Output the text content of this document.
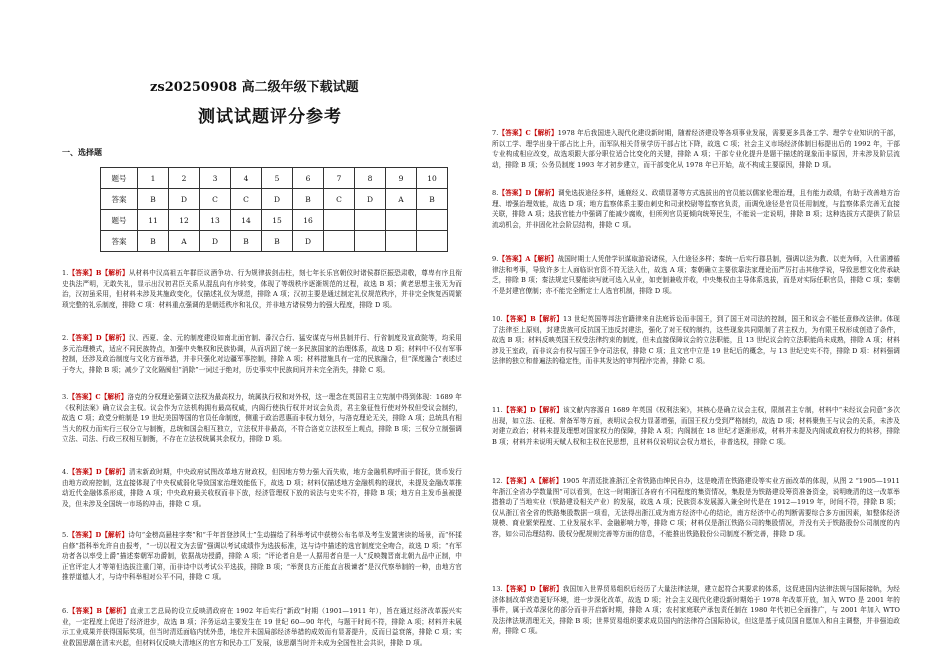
zs20250908 高二级年级下载试题
测试试题评分参考
一、选择题
题号	1	2	3	4	5	6	7	8	9	10
答案	B	D	C	C	D	B	C	D	A	B
题号	11	12	13	14	15	16				
答案	B	A	D	B	B	D				
1.【答案】B【解析】从材料中汉高祖五年群臣议酒争功、行为规律拔剑击柱，刻七年长乐宫朝仪时诸侯群臣振恐肃敬，尊卑有序且衔史执法严明，无敢失礼，显示出汉初君臣关系从混乱向有序转变，体现了等级秩序逐渐规范的过程，故选 B 项；黄老思想主张无为而治，汉初虽采用，但材料未涉及其施政变化，仅描述礼仪为规范，排除 A 项；汉初主要是通过制定礼仪规范秩序，并非完全恢复西周繁琐完整的礼乐制度，排除 C 项：材料重点强调的是朝廷秩序和礼仪，并非地方诸侯势力的强大程度，排除 D 项。
2.【答案】D【解析】汉、西夏、金、元的制度建设如南北面官制、番汉合行、猛安谋克与州县制并行、行省制度及宣政院等，均采用多元治理模式，适应不同民族特点，加强中央集权和民族协调，从而巩固了统一多民族国家的治理体系，故选 D 项；材料中不仅有军事控制，还涉及政治制度与文化方面举措，并非只强化对边疆军事控制，排除 A 项；材料措施具有一定的民族融合，但“深度融合”表述过于夸大，排除 B 项；减少了文化隔阂但“消除”一词过于绝对，历史事实中民族间问并未完全消失，排除 C 项。
3.【答案】C【解析】洛克的分权理论强调立法权为最高权力，统属执行权和对外权，这一理念在英国君主立宪制中得到体现：1689 年《权利法案》确立议会主权。议会作为立法机构拥有最高权威，内阁行使执行权并对议会负责，君主象征性行使对外权但受议会制约，故选 C 项；政党分赃制是 19 世纪美国等国的官员任命制度，侧重于政治恩惠而非权力划分，与洛克理论无关，排除 A 项；总统具有相当大的权力而实行三权分立与制衡，总统和国会相互独立，立法权并非最高，不符合洛克立法权至上观点，排除 B 项；三权分立制强调立法、司法、行政三权相互制衡，不存在立法权统属其余权力，排除 D 项。
4.【答案】D【解析】清末新政时期，中央政府试图改革地方财政权，但因地方势力强大而失败，地方金融机构呼而于督抚，货币发行由地方政府控制，这直接体现了中央权威弱化导致国家治理效能低下，故选 D 项；材料仅描述地方金融机构的现状，未提及金融改革推动近代金融体系形成，排除 A 项；中央政府最关收权而非下放，经济管理权下放的说法与史实不符，排除 B 项；地方自主发币虽被提及，但未涉及全国统一市场的冲击，排除 C 项。
5.【答案】D【解析】诗句“金榜高悬桂字奏”和“千年首登涉风士”生动描绘了科举考试中获榜公布名单及考生发置害读的场景，而“怀揉自修”指科举允许自由报考，“一切以程文为去留”强调以考试成绩作为选拔标准，这与诗中描述的选官制度完全吻合，故选 D 项；“有军功者各以率受上爵”描述秦朝军功爵制，依据战功授爵，排除 A 项；“评论者自是一人据用者自是一人”反映魏晋南北朝九品中正制，中正官评定人才等第但选拔注重门第，而非诗中以考试公平选拔，排除 B 项；“举贤良方正能直言极谏者”是汉代察举制的一种，由地方官推荐道德人才，与诗中科举相对公平不同，排除 C 项。
6.【答案】B【解析】直隶工艺总局的设立反映清政府在 1902 年后实行“新政”时期（1901—1911 年），旨在通过经济改革振兴实业，一定程度上促进了经济进步，故选 B 项；洋务运动主要发生在 19 世纪 60—90 年代，与题干时间不符，排除 A 项；材料并未展示工业成果并获得国际奖项，但当时清廷面临内忧外患，地位并未国局部经济举措的成效而有显著提升，反而日益衰落，排除 C 项；实业救国思潮在清末兴起，但材料仅反映大清地区的官方和民办工厂发展，该思潮当时并未成为全国性社会共识，排除 D 项。
7.【答案】C【解析】1978 年后我国进入现代化建设新时期，随着经济建设等各项事业发展，需要更多具备工学、理学专业知识的干部，所以工学、理学出身干部占比上升，而军队相关背景学历干部占比下降，故选 C 项；社会主义市场经济体制目标提出后的 1992 年，干部专业构成相应改变，故选项跟大部分职位适合比变化的关键，排除 A 项；干部专业化提升是题干描述的现象而非原因，并未涉及阶层流动，排除 B 项；公务员制度 1993 年才初步建立，而干部变化从 1978 年已开始，故不构成主要原因，排除 D 项。
8.【答案】D【解析】调免选拔途径多样，通鹿经义、政绩显著等方式选拔出的官员能以儒家伦理治理，且有能力政绩，有助于改善地方治理、增强治理效能，故选 D 项；地方监察体系主要由刺史和司隶校尉等监察官负责，而调免途径是官员任用制度，与监察体系完善无直接关联，排除 A 项；选拔官能力中强调了能减少腐败，但所列官员更倾向统筹民生，不能说一定说明，排除 B 项；这种选拔方式提供了阶层流动机会，并非固化社会阶层结构，排除 C 项。
9.【答案】A【解析】战国时期士人凭借学识谋取游说诸侯，入仕途径多样；秦统一后实行郡县制，强调以法为教、以吏为师，入仕需遵循律法和考事，导致许多士人面临识官资不符无法入仕，故选 A 项；秦朝确立主要依靠法家理论而严厉打击其他学说，导致思想文化传承缺乏，排除 B 项；秦法规定只要能读写就可选入从业，如吏制兼收并收，中央集权由主导体系选拔，而是对实际任职官员，排除 C 项；秦朝不是封建官僚制；亦不能完全断定士人选官机制，排除 D 项。
10.【答案】B【解析】13 世纪英国等邦法官籍律来自法庭诉讼而非国王，到了国王对司法的控制，国王和议会不能任意修改法律。体现了法律至上原则，封建贵族可反抗国王违反封建法，强化了对王权的制约，这些现象共同限制了君主权力，为有限王权形成创造了条件，故选 B 项；材料反映英国王权受法律约束的制度，但未直接保障议会的立法职能，且 13 世纪议会的立法职能尚未成熟，排除 A 项；材料涉及王室政，而非议会有权与国王争夺司法权，排除 C 项；且文官中立是 19 世纪后的概念，与 13 世纪史实不符，排除 D 项：材料强调法律的独立和普遍法的稳定性，而非其发达的审判程序完善，排除 C 项。
11.【答案】D【解析】该文献内容源自 1689 年英国《权利法案》，其核心是确立议会主权，限制君主专制，材料中“未经议会同意”多次出现，如立法、征税、常备军等方面，表明议会权力显著增强，而国王权力受到严格制约，故选 D 项；材料聚焦王与议会的关系，未涉及对建立政治；材料未提及理想对国家权力的保障，排除 A 项；内阁制在 18 世纪才逐渐形成，材料并未提及内阁或政府权力的转移，排除 B 项；材料并未说明天赋人权和主权在民思想，且材料仅说明议会权力增长，非普选权，排除 C 项。
12.【答案】A【解析】1905 年清廷批准浙江全省铁路由绅民自办，这是晚清在铁路建设等实业方面改革的体现，从图 2 “1905—1911 年浙江全省办学数量图”可以看到，在这一时期浙江各府有不同程度的集资情况，集股是为铁路建设筹资准备资金，说明晚清的这一改革举措推动了当地实业（铁路建设相关产业）的发展，故选 A 项；民族资本发展源入兼全时代是在 1912—1919 年，时间不符，排除 B 项；仅从浙江省全省的铁路集股数据一项看，无法得出浙江成为南方经济中心的结论，南方经济中心的判断需要综合多方面因素，如整体经济规模、商业繁荣程度、工业发展水平、金融影响力等，排除 C 项；材料仅是浙江铁路公司的集股情况，并没有关于铁路股份公司制度的内容，如公司治理结构、股权分配规则完善等方面的信息，不能推出铁路股份公司制度不断完善，排除 D 项。
13.【答案】D【解析】我国加入世界贸易组织后经历了大量法律法规，建立起符合其要求的体系，这促进国内法律法规与国际接轨，为经济体制改革营造更好环境，进一步深化改革，故选 D 项；社会主义现代化建设新时期始于 1978 年改革开放，加入 WTO 是 2001 年的事件，属于改革深化的部分而非开启新时期，排除 A 项；农村家庭联产承包责任制在 1980 年代初已全面推广，与 2001 年加入 WTO 及法律法规清理无关，排除 B 项；世界贸易组织要求成员国内的法律符合国际协议，但这是基于成员国自愿加入和自主调整，并非强迫政府，排除 C 项。
